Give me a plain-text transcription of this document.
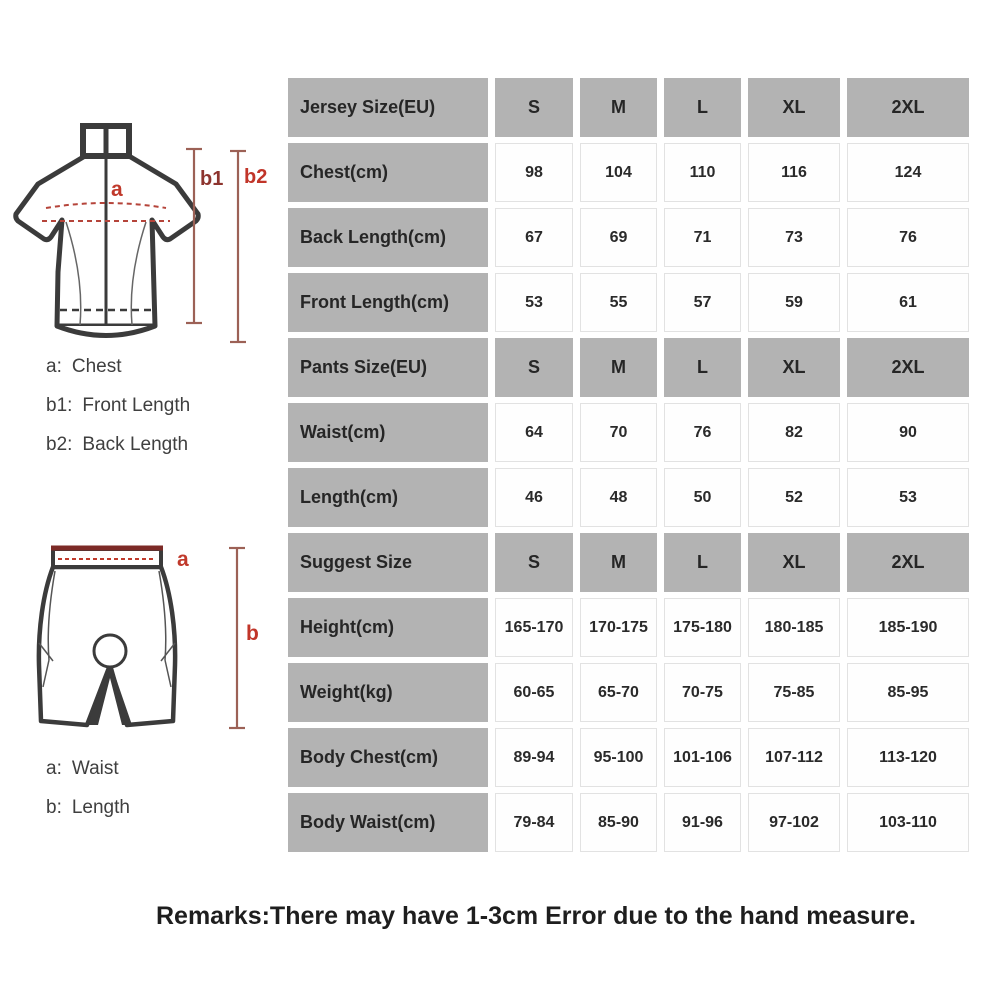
a	b1 b2
a: Chest
b1: Front Length
b2: Back Length
a
b
a: Waist
b: Length
Jersey Size(EU)	S	M	L	XL	2XL
Chest(cm)	98	104	110	116	124
Back Length(cm)	67	69	71	73	76
Front Length(cm)	53	55	57	59	61
Pants Size(EU)	S	M	L	XL	2XL
Waist(cm)	64	70	76	82	90
Length(cm)	46	48	50	52	53
Suggest Size	S	M	L	XL	2XL
Height(cm)	165-170	170-175	175-180	180-185	185-190
Weight(kg)	60-65	65-70	70-75	75-85	85-95
Body Chest(cm)	89-94	95-100	101-106	107-112	113-120
Body Waist(cm)	79-84	85-90	91-96	97-102	103-110
Remarks:There may have 1-3cm Error due to the hand measure.
